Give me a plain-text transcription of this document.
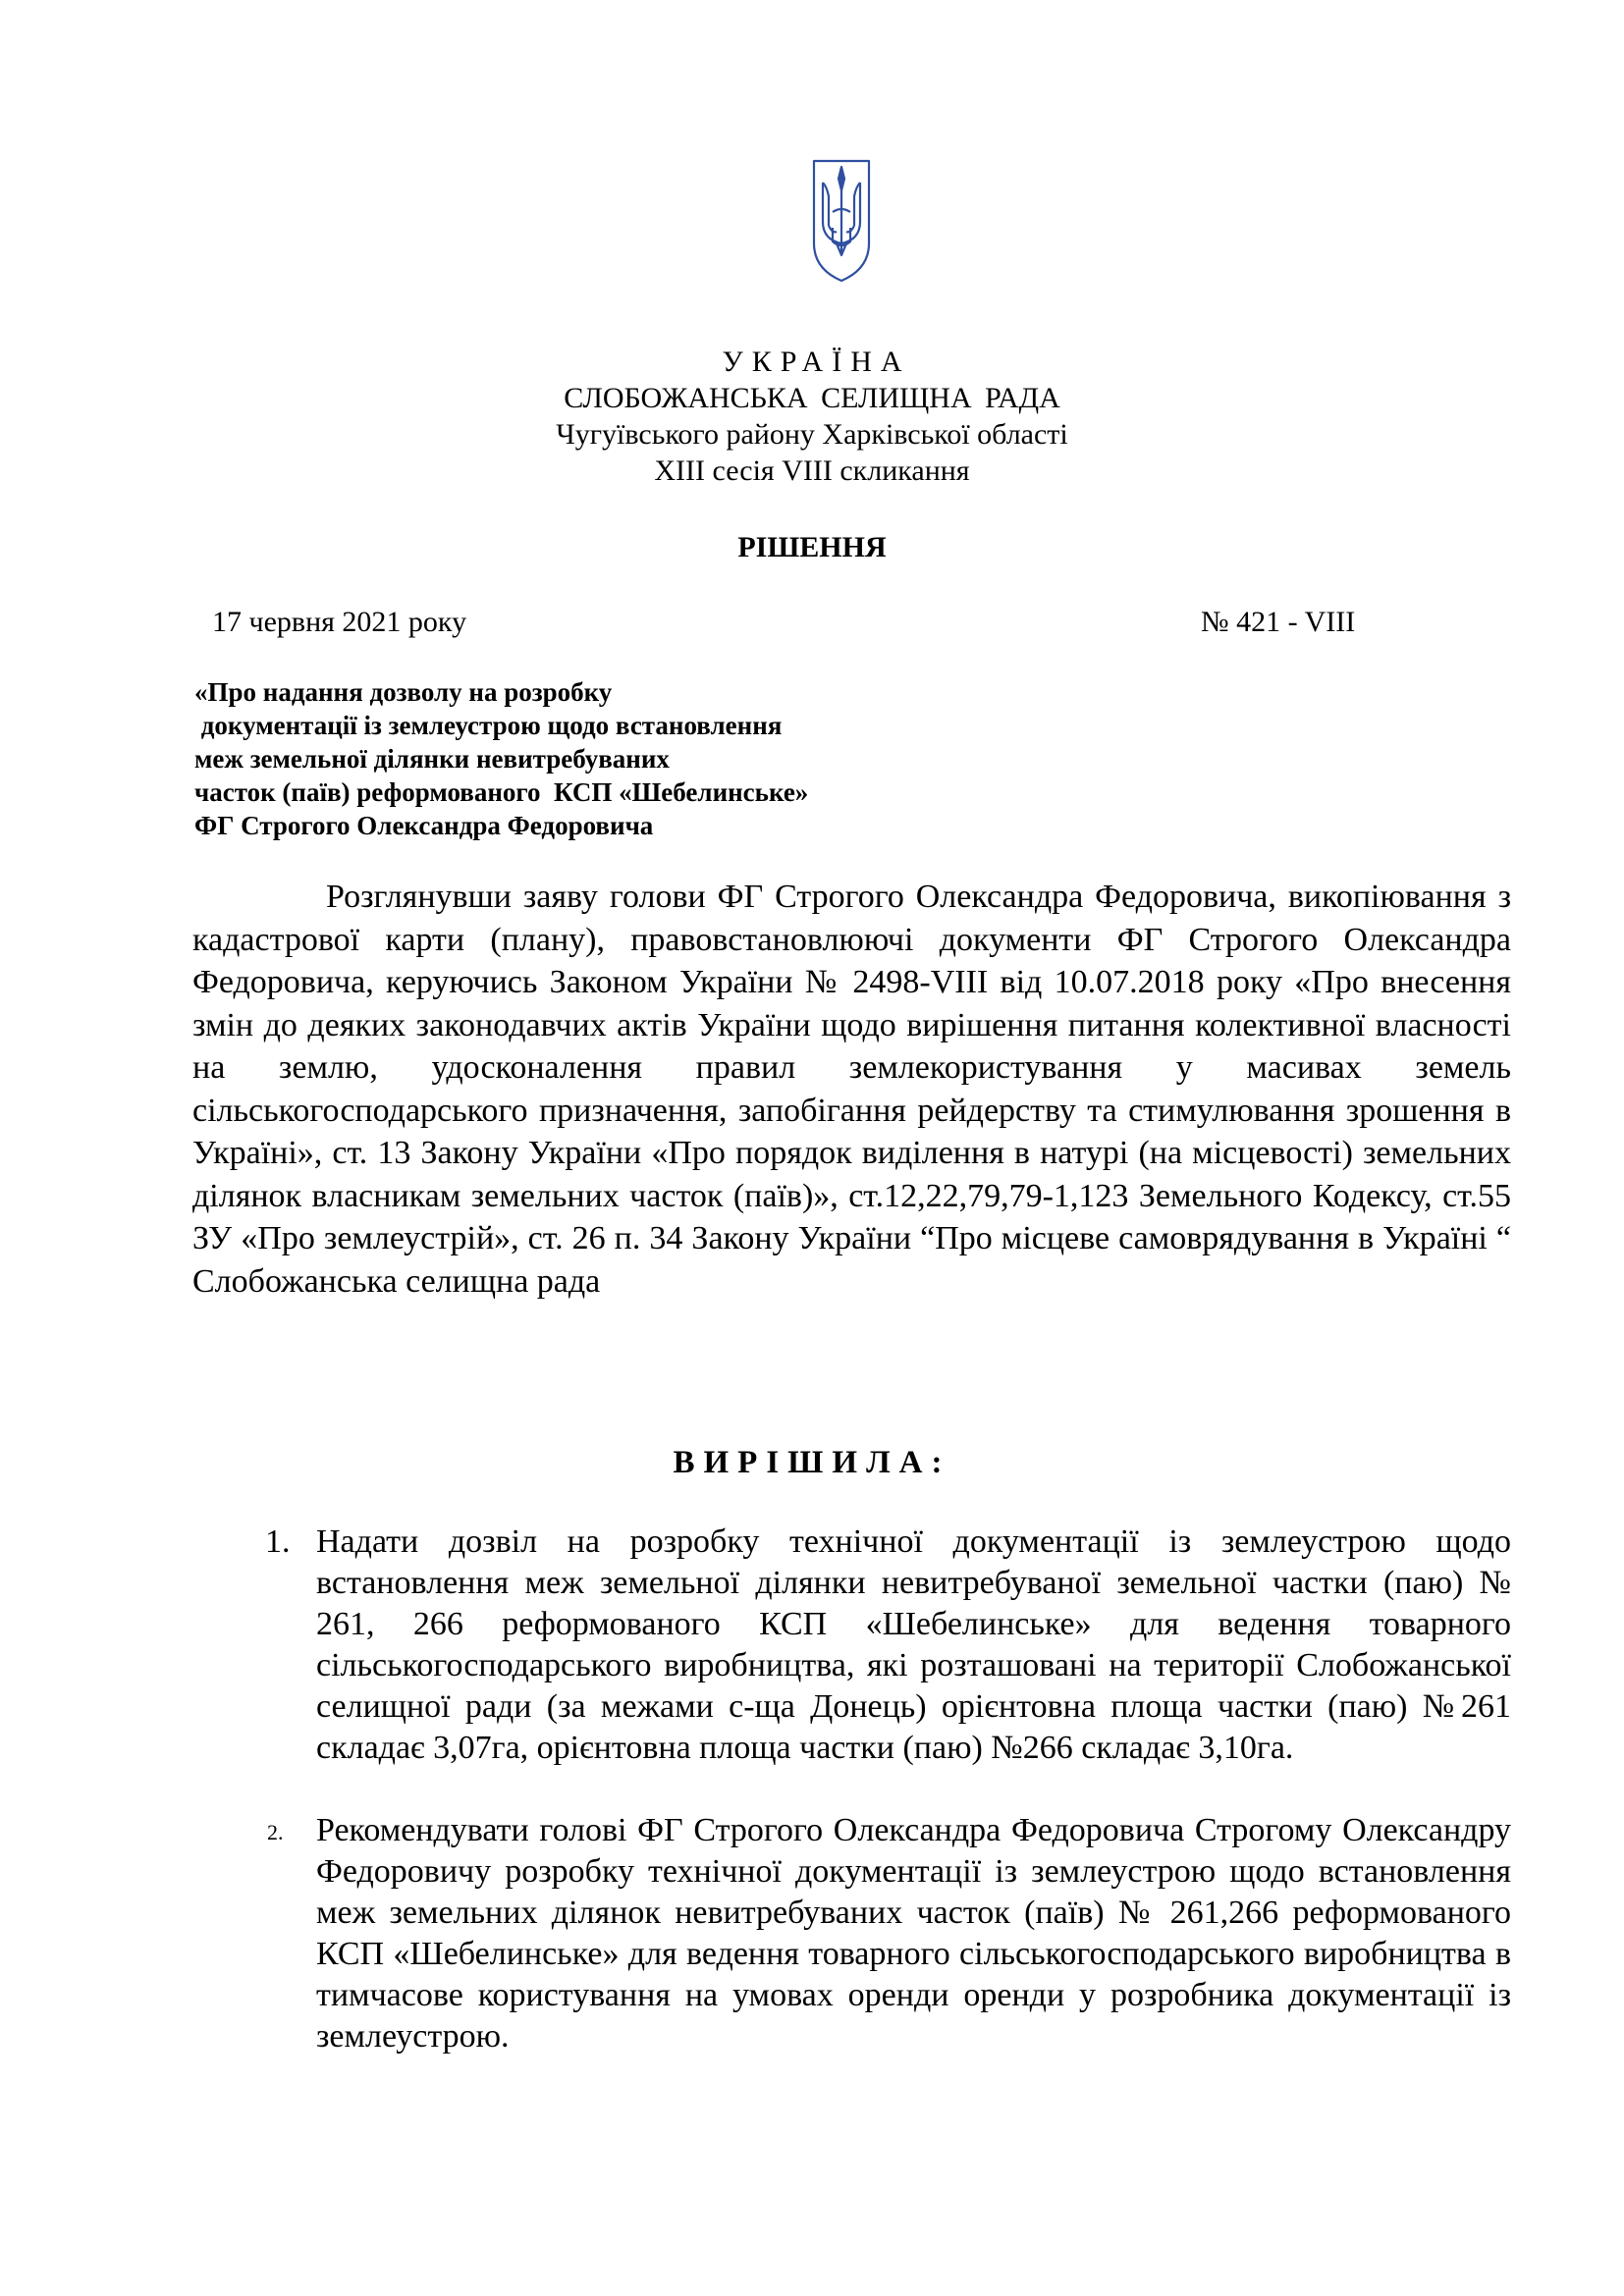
УКРАЇНА
СЛОБОЖАНСЬКА СЕЛИЩНА РАДА
Чугуївського району Харківської області
XIII сесія VIII скликання
РІШЕННЯ
17 червня 2021 року	№ 421 - VIII
«Про надання дозволу на розробку
документації із землеустрою щодо встановлення
меж земельної ділянки невитребуваних
часток (паїв) реформованого  КСП «Шебелинське»
ФГ Строгого Олександра Федоровича

Розглянувши заяву голови ФГ Строгого Олександра Федоровича, викопіювання з кадастрової карти (плану), правовстановлюючі документи ФГ Строгого Олександра Федоровича, керуючись Законом України № 2498-VIII від 10.07.2018 року «Про внесення змін до деяких законодавчих актів України щодо вирішення питання колективної власності на землю, удосконалення правил землекористування у масивах земель сільськогосподарського призначення, запобігання рейдерству та стимулювання зрошення в Україні», ст. 13 Закону України «Про порядок виділення в натурі (на місцевості) земельних ділянок власникам земельних часток (паїв)», ст.12,22,79,79-1,123 Земельного Кодексу, ст.55 ЗУ «Про землеустрій», ст. 26 п. 34 Закону України “Про місцеве самоврядування в Україні “ Слобожанська селищна рада

ВИРІШИЛА:
1. Надати дозвіл на розробку технічної документації із землеустрою щодо встановлення меж земельної ділянки невитребуваної земельної частки (паю) № 261, 266 реформованого КСП «Шебелинське» для ведення товарного сільськогосподарського виробництва, які розташовані на території Слобожанської селищної ради (за межами с-ща Донець) орієнтовна площа частки (паю) №261 складає 3,07га, орієнтовна площа частки (паю) №266 складає 3,10га.
2. Рекомендувати голові ФГ Строгого Олександра Федоровича Строгому Олександру Федоровичу розробку технічної документації із землеустрою щодо встановлення меж земельних ділянок невитребуваних часток (паїв) № 261,266 реформованого КСП «Шебелинське» для ведення товарного сільськогосподарського виробництва в тимчасове користування на умовах оренди оренди у розробника документації із землеустрою.
